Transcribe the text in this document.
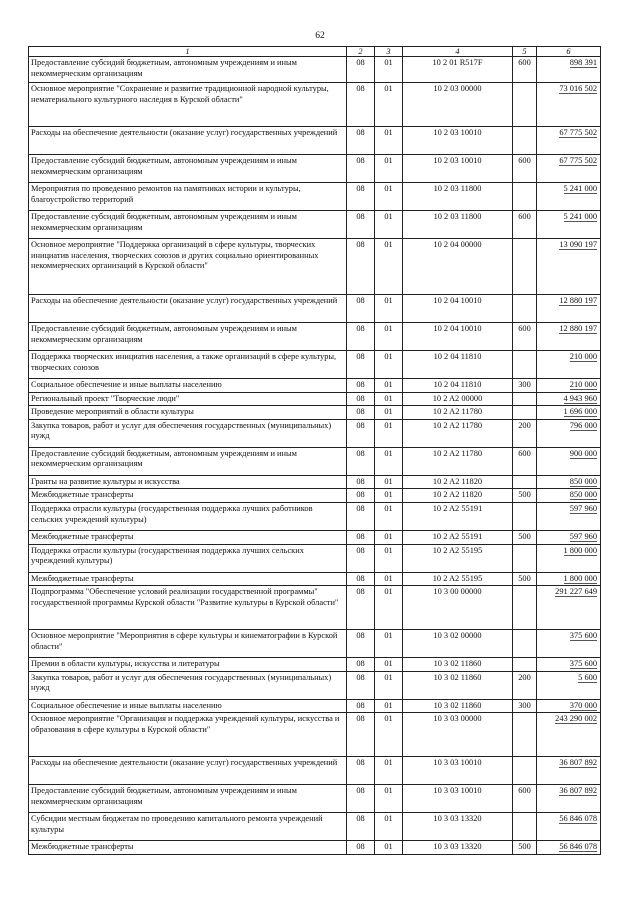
62
1	2	3	4	5	6
Предоставление субсидий бюджетным, автономным учреждениям и иным некоммерческим организациям	08	01	10 2 01 R517F	600	898 391
Основное мероприятие "Сохранение и развитие традиционной народной культуры, нематериального культурного наследия в Курской области"	08	01	10 2 03 00000		73 016 502
Расходы на обеспечение деятельности (оказание услуг) государственных учреждений	08	01	10 2 03 10010		67 775 502
Предоставление субсидий бюджетным, автономным учреждениям и иным некоммерческим организациям	08	01	10 2 03 10010	600	67 775 502
Мероприятия по проведению ремонтов на памятниках истории и культуры, благоустройство территорий	08	01	10 2 03 11800		5 241 000
Предоставление субсидий бюджетным, автономным учреждениям и иным некоммерческим организациям	08	01	10 2 03 11800	600	5 241 000
Основное мероприятие "Поддержка организаций в сфере культуры, творческих инициатив населения, творческих союзов и других социально ориентированных некоммерческих организаций в Курской области"	08	01	10 2 04 00000		13 090 197
Расходы на обеспечение деятельности (оказание услуг) государственных учреждений	08	01	10 2 04 10010		12 880 197
Предоставление субсидий бюджетным, автономным учреждениям и иным некоммерческим организациям	08	01	10 2 04 10010	600	12 880 197
Поддержка творческих инициатив населения, а также организаций в сфере культуры, творческих союзов	08	01	10 2 04 11810		210 000
Социальное обеспечение и иные выплаты населению	08	01	10 2 04 11810	300	210 000
Региональный проект "Творческие люди"	08	01	10 2 A2 00000		4 943 960
Проведение мероприятий в области культуры	08	01	10 2 A2 11780		1 696 000
Закупка товаров, работ и услуг для обеспечения государственных (муниципальных) нужд	08	01	10 2 A2 11780	200	796 000
Предоставление субсидий бюджетным, автономным учреждениям и иным некоммерческим организациям	08	01	10 2 A2 11780	600	900 000
Гранты на развитие культуры и искусства	08	01	10 2 A2 11820		850 000
Межбюджетные трансферты	08	01	10 2 A2 11820	500	850 000
Поддержка отрасли культуры (государственная поддержка лучших работников сельских учреждений культуры)	08	01	10 2 A2 55191		597 960
Межбюджетные трансферты	08	01	10 2 A2 55191	500	597 960
Поддержка отрасли культуры (государственная поддержка лучших сельских учреждений культуры)	08	01	10 2 A2 55195		1 800 000
Межбюджетные трансферты	08	01	10 2 A2 55195	500	1 800 000
Подпрограмма "Обеспечение условий реализации государственной программы" государственной программы Курской области "Развитие культуры в Курской области"	08	01	10 3 00 00000		291 227 649
Основное мероприятие "Мероприятия в сфере культуры и кинематографии в Курской области"	08	01	10 3 02 00000		375 600
Премии в области культуры, искусства и литературы	08	01	10 3 02 11860		375 600
Закупка товаров, работ и услуг для обеспечения государственных (муниципальных) нужд	08	01	10 3 02 11860	200	5 600
Социальное обеспечение и иные выплаты населению	08	01	10 3 02 11860	300	370 000
Основное мероприятие "Организация и поддержка учреждений культуры, искусства и образования в сфере культуры в Курской области"	08	01	10 3 03 00000		243 290 002
Расходы на обеспечение деятельности (оказание услуг) государственных учреждений	08	01	10 3 03 10010		36 807 892
Предоставление субсидий бюджетным, автономным учреждениям и иным некоммерческим организациям	08	01	10 3 03 10010	600	36 807 892
Субсидии местным бюджетам по проведению капитального ремонта учреждений культуры	08	01	10 3 03 13320		56 846 078
Межбюджетные трансферты	08	01	10 3 03 13320	500	56 846 078
